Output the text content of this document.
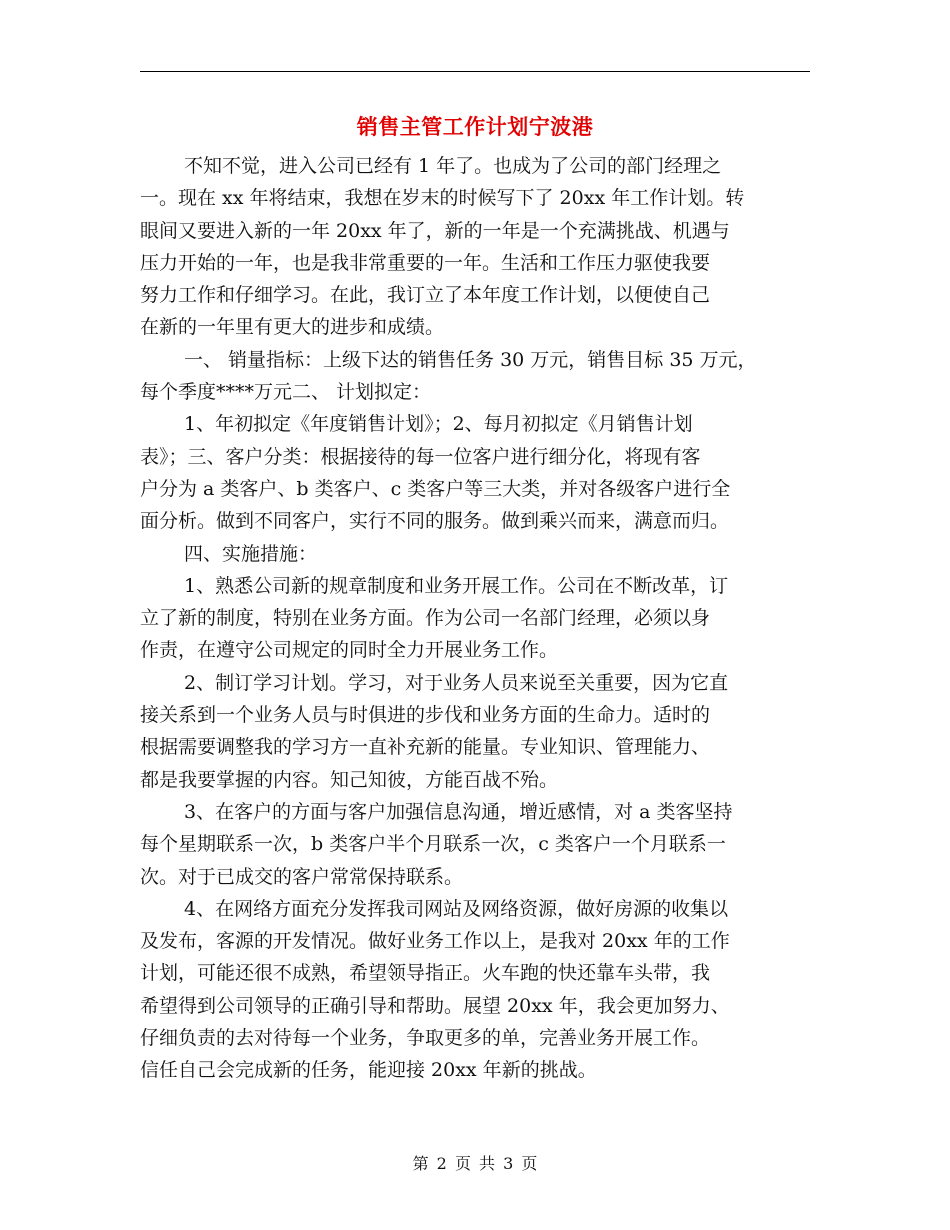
销售主管工作计划宁波港
不知不觉，进入公司已经有 1 年了。也成为了公司的部门经理之
一。现在 xx 年将结束，我想在岁末的时候写下了 20xx 年工作计划。转
眼间又要进入新的一年 20xx 年了，新的一年是一个充满挑战、机遇与
压力开始的一年，也是我非常重要的一年。生活和工作压力驱使我要
努力工作和仔细学习。在此，我订立了本年度工作计划，以便使自己
在新的一年里有更大的进步和成绩。
一、 销量指标：上级下达的销售任务 30 万元，销售目标 35 万元，
每个季度****万元二、 计划拟定：
1、年初拟定《年度销售计划》；2、每月初拟定《月销售计划
表》；三、客户分类：根据接待的每一位客户进行细分化，将现有客
户分为 a 类客户、b 类客户、c 类客户等三大类，并对各级客户进行全
面分析。做到不同客户，实行不同的服务。做到乘兴而来，满意而归。
四、实施措施：
1、熟悉公司新的规章制度和业务开展工作。公司在不断改革，订
立了新的制度，特别在业务方面。作为公司一名部门经理，必须以身
作责，在遵守公司规定的同时全力开展业务工作。
2、制订学习计划。学习，对于业务人员来说至关重要，因为它直
接关系到一个业务人员与时俱进的步伐和业务方面的生命力。适时的
根据需要调整我的学习方一直补充新的能量。专业知识、管理能力、
都是我要掌握的内容。知己知彼，方能百战不殆。
3、在客户的方面与客户加强信息沟通，增近感情，对 a 类客坚持
每个星期联系一次，b 类客户半个月联系一次，c 类客户一个月联系一
次。对于已成交的客户常常保持联系。
4、在网络方面充分发挥我司网站及网络资源，做好房源的收集以
及发布，客源的开发情况。做好业务工作以上，是我对 20xx 年的工作
计划，可能还很不成熟，希望领导指正。火车跑的快还靠车头带，我
希望得到公司领导的正确引导和帮助。展望 20xx 年，我会更加努力、
仔细负责的去对待每一个业务，争取更多的单，完善业务开展工作。
信任自己会完成新的任务，能迎接 20xx 年新的挑战。
第 2 页 共 3 页
